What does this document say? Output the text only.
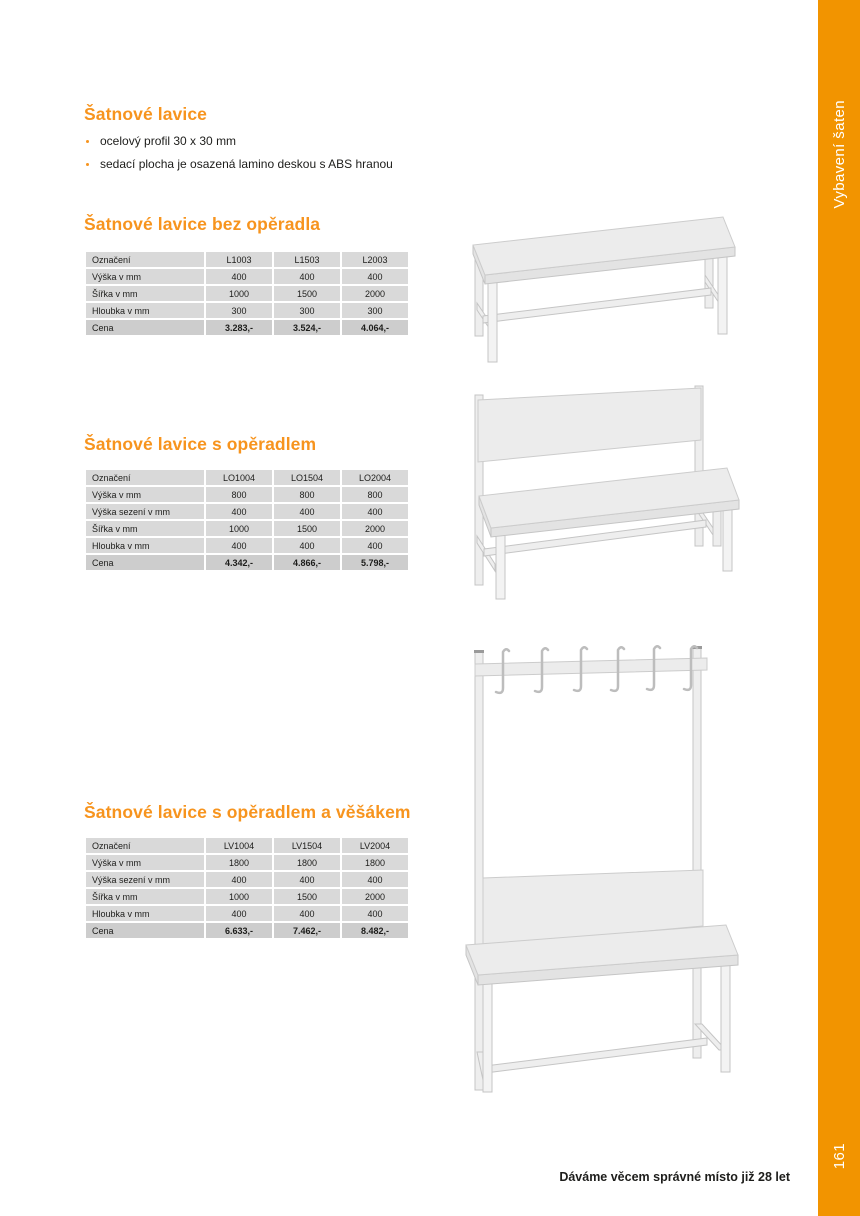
Vybavení šaten
161
Šatnové lavice
ocelový profil 30 x 30 mm
sedací plocha je osazená lamino deskou s ABS hranou
Šatnové lavice bez opěradla
Označení	L1003	L1503	L2003
Výška v mm	400	400	400
Šířka v mm	1000	1500	2000
Hloubka v mm	300	300	300
Cena	3.283,-	3.524,-	4.064,-
Šatnové lavice s opěradlem
Označení	LO1004	LO1504	LO2004
Výška v mm	800	800	800
Výška sezení v mm	400	400	400
Šířka v mm	1000	1500	2000
Hloubka v mm	400	400	400
Cena	4.342,-	4.866,-	5.798,-
Šatnové lavice s opěradlem a věšákem
Označení	LV1004	LV1504	LV2004
Výška v mm	1800	1800	1800
Výška sezení v mm	400	400	400
Šířka v mm	1000	1500	2000
Hloubka v mm	400	400	400
Cena	6.633,-	7.462,-	8.482,-
Dáváme věcem správné místo již 28 let
